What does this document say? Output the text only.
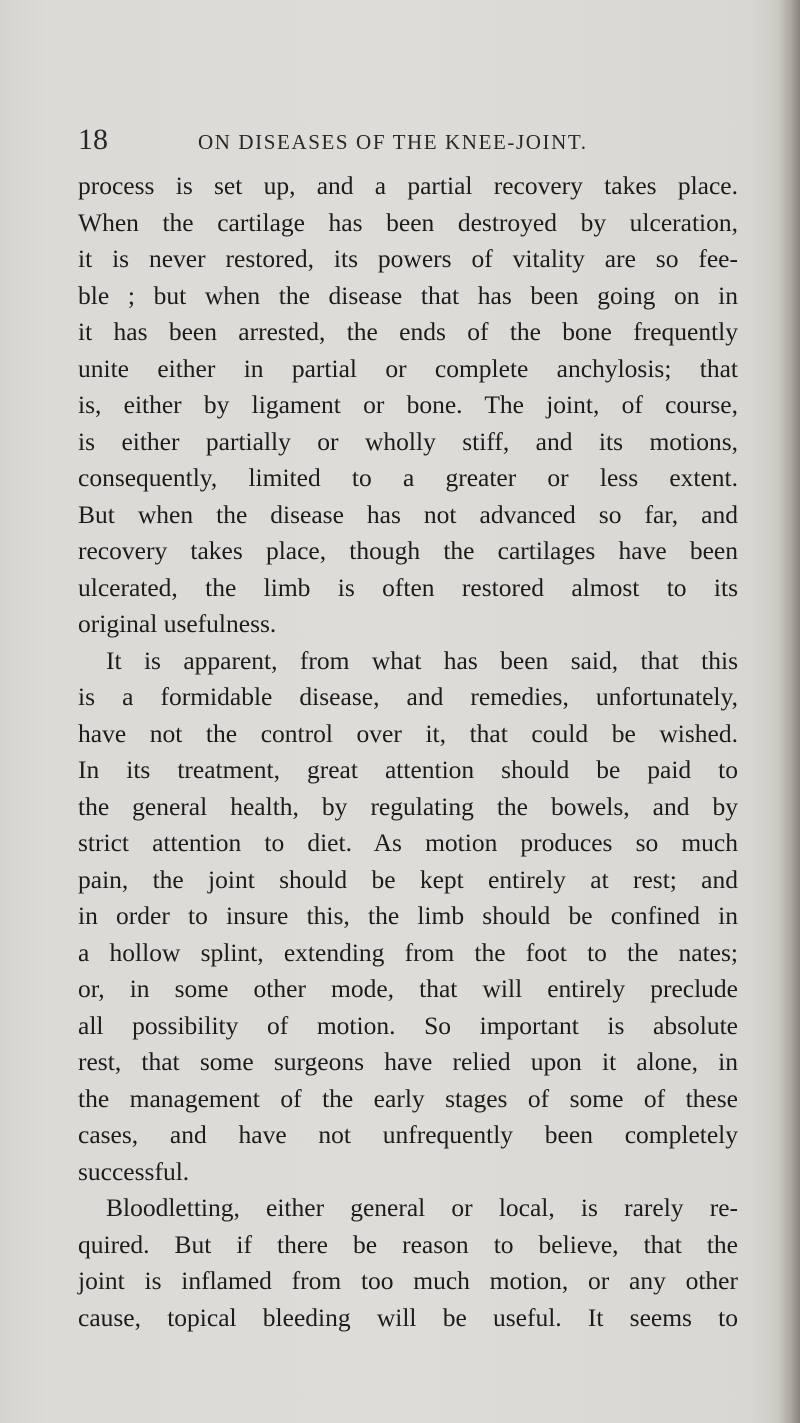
18	ON DISEASES OF THE KNEE-JOINT.
process is set up, and a partial recovery takes place.
When the cartilage has been destroyed by ulceration,
it is never restored, its powers of vitality are so fee-
ble ; but when the disease that has been going on in
it has been arrested, the ends of the bone frequently
unite either in partial or complete anchylosis; that
is, either by ligament or bone. The joint, of course,
is either partially or wholly stiff, and its motions,
consequently, limited to a greater or less extent.
But when the disease has not advanced so far, and
recovery takes place, though the cartilages have been
ulcerated, the limb is often restored almost to its
original usefulness.
It is apparent, from what has been said, that this
is a formidable disease, and remedies, unfortunately,
have not the control over it, that could be wished.
In its treatment, great attention should be paid to
the general health, by regulating the bowels, and by
strict attention to diet. As motion produces so much
pain, the joint should be kept entirely at rest; and
in order to insure this, the limb should be confined in
a hollow splint, extending from the foot to the nates;
or, in some other mode, that will entirely preclude
all possibility of motion. So important is absolute
rest, that some surgeons have relied upon it alone, in
the management of the early stages of some of these
cases, and have not unfrequently been completely
successful.
Bloodletting, either general or local, is rarely re-
quired. But if there be reason to believe, that the
joint is inflamed from too much motion, or any other
cause, topical bleeding will be useful. It seems to
